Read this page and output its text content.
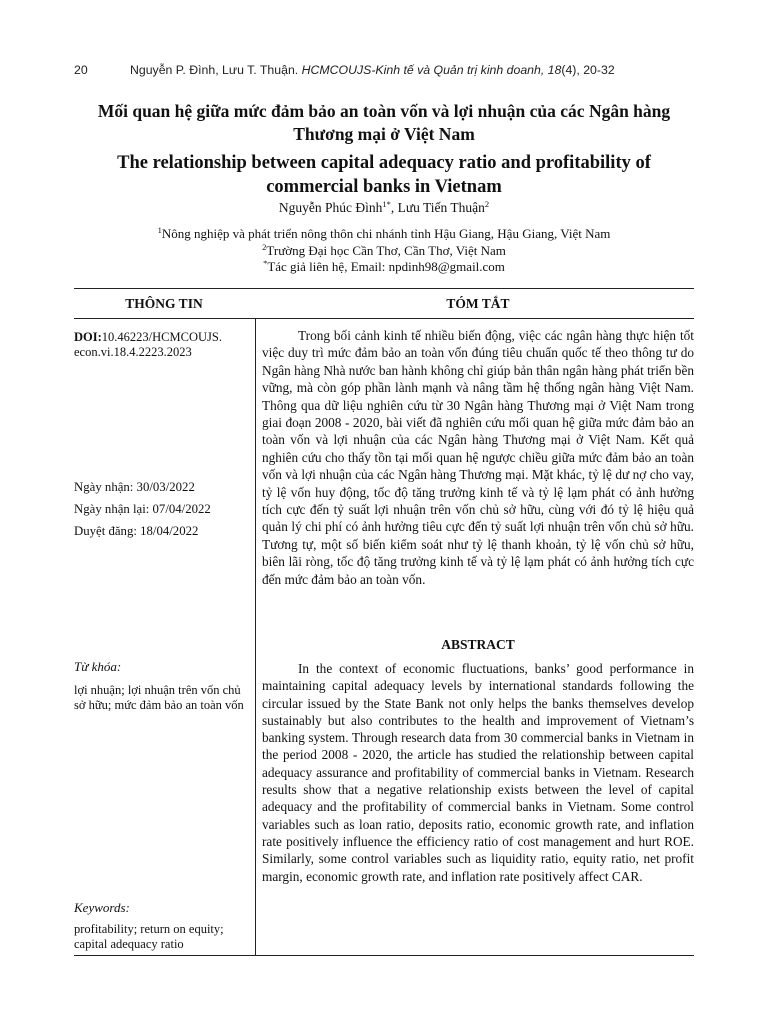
20	Nguyễn P. Đình, Lưu T. Thuận. HCMCOUJS-Kinh tế và Quản trị kinh doanh, 18(4), 20-32
Mối quan hệ giữa mức đảm bảo an toàn vốn và lợi nhuận của các Ngân hàng Thương mại ở Việt Nam
The relationship between capital adequacy ratio and profitability of commercial banks in Vietnam
Nguyễn Phúc Đình$^{1*}$, Lưu Tiến Thuận$^2$
$^1$Nông nghiệp và phát triển nông thôn chi nhánh tỉnh Hậu Giang, Hậu Giang, Việt Nam
$^2$Trường Đại học Cần Thơ, Cần Thơ, Việt Nam
*Tác giả liên hệ, Email: npdinh98@gmail.com
THÔNG TIN	TÓM TẮT
DOI:10.46223/HCMCOUJS.
econ.vi.18.4.2223.2023
Ngày nhận: 30/03/2022
Ngày nhận lại: 07/04/2022
Duyệt đăng: 18/04/2022
Từ khóa:
lợi nhuận; lợi nhuận trên vốn chủ sở hữu; mức đảm bảo an toàn vốn
Keywords:
profitability; return on equity; capital adequacy ratio

Trong bối cảnh kinh tế nhiều biến động, việc các ngân hàng thực hiện tốt việc duy trì mức đảm bảo an toàn vốn đúng tiêu chuẩn quốc tế theo thông tư do Ngân hàng Nhà nước ban hành không chỉ giúp bản thân ngân hàng phát triển bền vững, mà còn góp phần lành mạnh và nâng tầm hệ thống ngân hàng Việt Nam. Thông qua dữ liệu nghiên cứu từ 30 Ngân hàng Thương mại ở Việt Nam trong giai đoạn 2008 - 2020, bài viết đã nghiên cứu mối quan hệ giữa mức đảm bảo an toàn vốn và lợi nhuận của các Ngân hàng Thương mại ở Việt Nam. Kết quả nghiên cứu cho thấy tồn tại mối quan hệ ngược chiều giữa mức đảm bảo an toàn vốn và lợi nhuận của các Ngân hàng Thương mại. Mặt khác, tỷ lệ dư nợ cho vay, tỷ lệ vốn huy động, tốc độ tăng trưởng kinh tế và tỷ lệ lạm phát có ảnh hưởng tích cực đến tỷ suất lợi nhuận trên vốn chủ sở hữu, cùng với đó tỷ lệ hiệu quả quản lý chi phí có ảnh hưởng tiêu cực đến tỷ suất lợi nhuận trên vốn chủ sở hữu. Tương tự, một số biến kiểm soát như tỷ lệ thanh khoản, tỷ lệ vốn chủ sở hữu, biên lãi ròng, tốc độ tăng trưởng kinh tế và tỷ lệ lạm phát có ảnh hưởng tích cực đến mức đảm bảo an toàn vốn.

ABSTRACT

In the context of economic fluctuations, banks’ good performance in maintaining capital adequacy levels by international standards following the circular issued by the State Bank not only helps the banks themselves develop sustainably but also contributes to the health and improvement of Vietnam’s banking system. Through research data from 30 commercial banks in Vietnam in the period 2008 - 2020, the article has studied the relationship between capital adequacy assurance and profitability of commercial banks in Vietnam. Research results show that a negative relationship exists between the level of capital adequacy and the profitability of commercial banks in Vietnam. Some control variables such as loan ratio, deposits ratio, economic growth rate, and inflation rate positively influence the efficiency ratio of cost management and hurt ROE. Similarly, some control variables such as liquidity ratio, equity ratio, net profit margin, economic growth rate, and inflation rate positively affect CAR.
